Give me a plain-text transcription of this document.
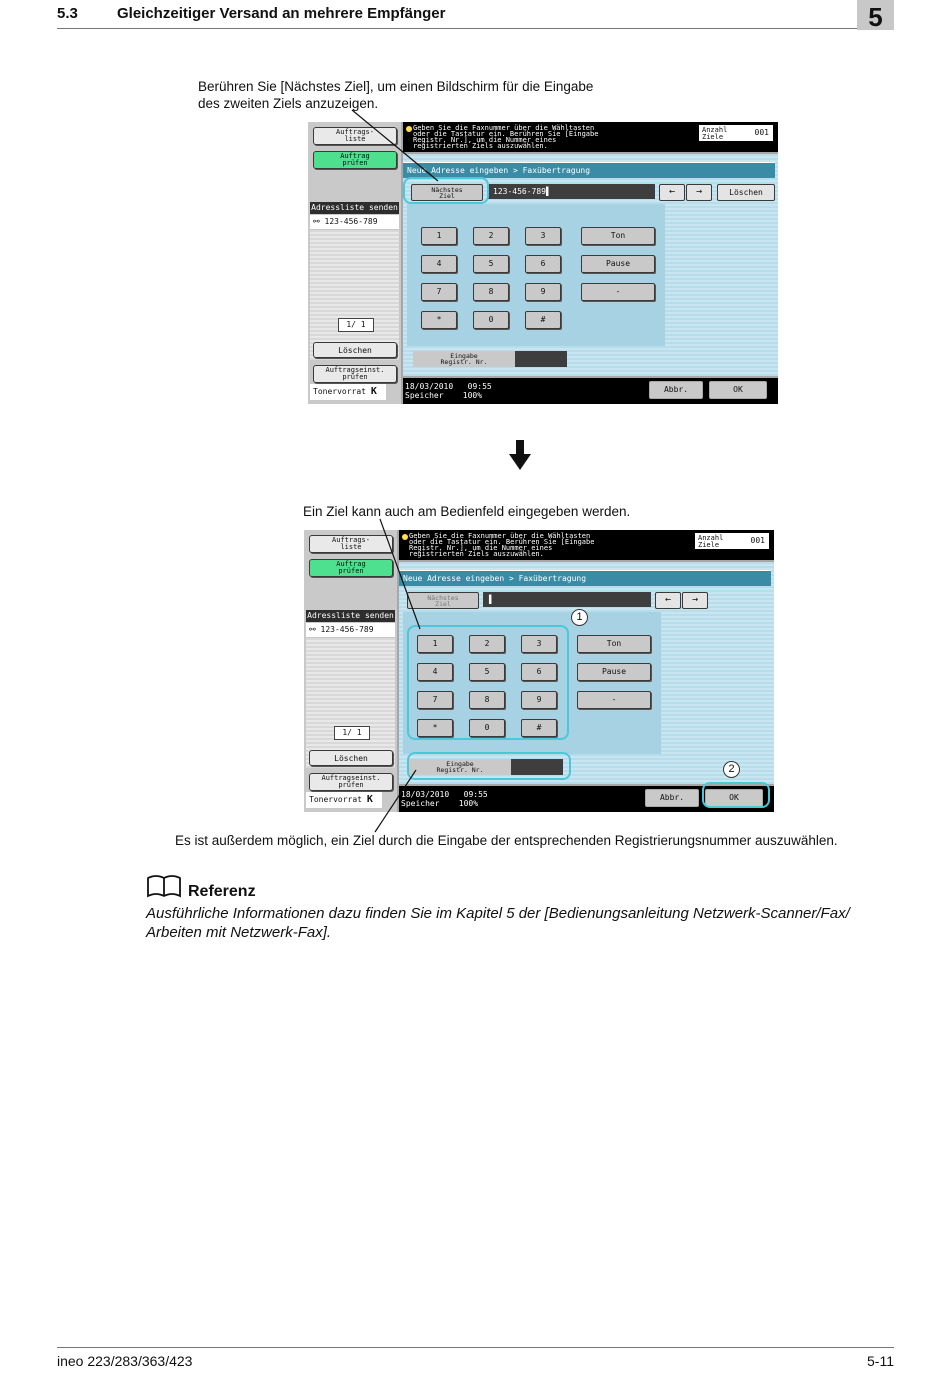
5.3	Gleichzeitiger Versand an mehrere Empfänger	5
Berühren Sie [Nächstes Ziel], um einen Bildschirm für die Eingabe
des zweiten Ziels anzuzeigen.
Auftrags-
liste
Auftrag
prüfen
Adressliste senden
⚯ 123-456-789
1/ 1
Löschen
Auftragseinst.
prüfen
Tonervorrat K
Geben Sie die Faxnummer über die Wähltasten
oder die Tastatur ein. Berühren Sie [Eingabe
Registr. Nr.], um die Nummer eines
registrierten Ziels auszuwählen.
Anzahl
Ziele	001
Neue Adresse eingeben > Faxübertragung
Nächstes
Ziel	123-456-789▌	←	→	Löschen
1	2	3
4	5	6
7	8	9
*	0	#
Ton
Pause
-
Eingabe
Registr. Nr.
18/03/2010 09:55
Speicher 100%
Abbr.	OK
Ein Ziel kann auch am Bedienfeld eingegeben werden.
Auftrags-
liste
Auftrag
prüfen
Adressliste senden
⚯ 123-456-789
1/ 1
Löschen
Auftragseinst.
prüfen
Tonervorrat K
Geben Sie die Faxnummer über die Wähltasten
oder die Tastatur ein. Berühren Sie [Eingabe
Registr. Nr.], um die Nummer eines
registrierten Ziels auszuwählen.
Anzahl
Ziele	001
Neue Adresse eingeben > Faxübertragung
Nächstes
Ziel	▌	←	→
1	2	3
4	5	6
7	8	9
*	0	#
Ton
Pause
-
Eingabe
Registr. Nr.
18/03/2010 09:55
Speicher 100%
Abbr.	OK
1
2
Es ist außerdem möglich, ein Ziel durch die Eingabe der entsprechenden Registrierungsnummer auszuwählen.
Referenz
Ausführliche Informationen dazu finden Sie im Kapitel 5 der [Bedienungsanleitung Netzwerk-Scanner/Fax/
Arbeiten mit Netzwerk-Fax].
ineo 223/283/363/423	5-11
